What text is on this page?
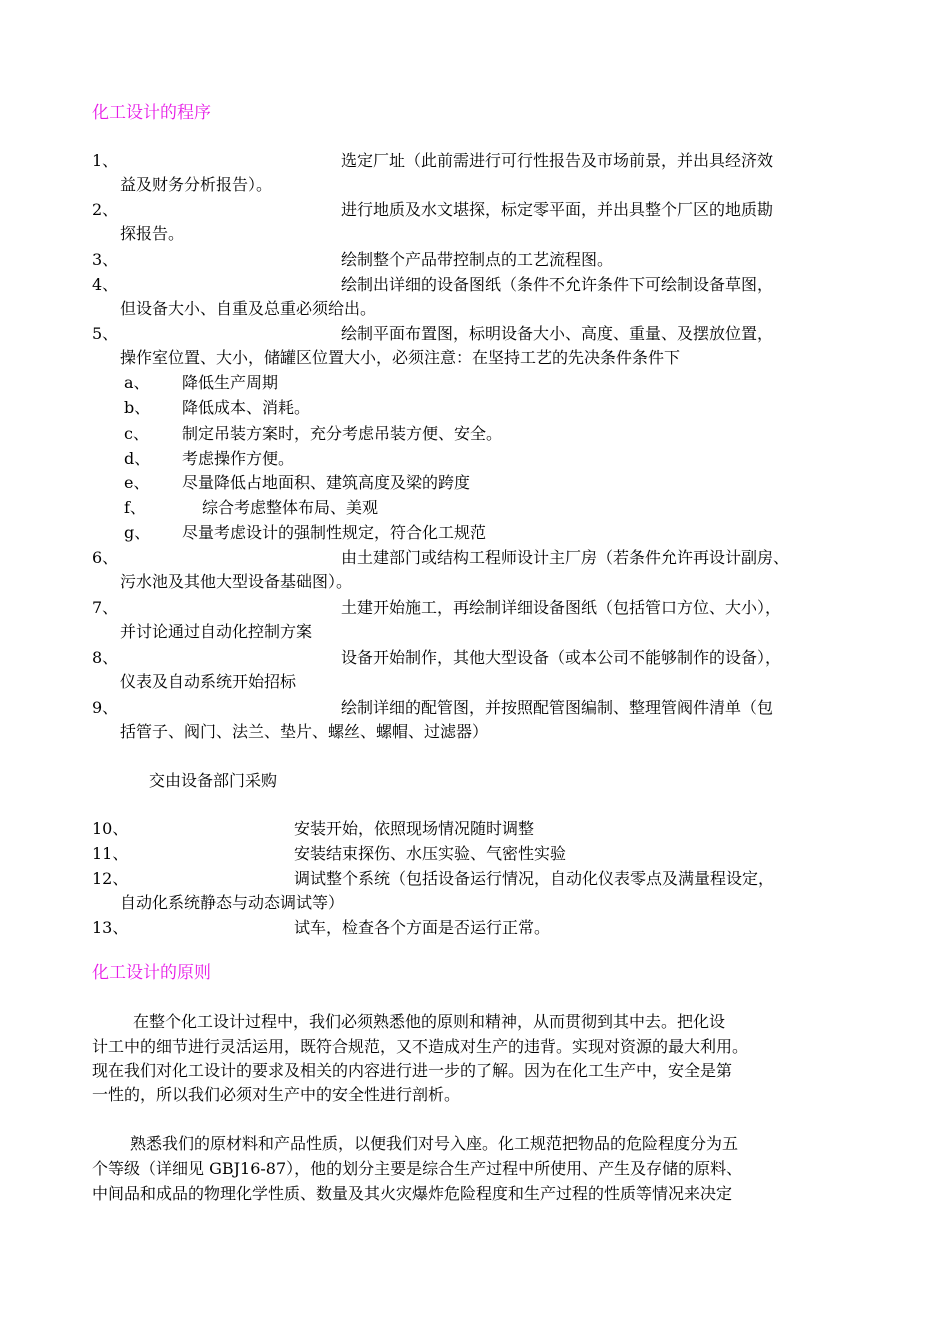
化工设计的程序
1、	选定厂址（此前需进行可行性报告及市场前景，并出具经济效
益及财务分析报告）。
2、	进行地质及水文堪探，标定零平面，并出具整个厂区的地质勘
探报告。
3、	绘制整个产品带控制点的工艺流程图。
4、	绘制出详细的设备图纸（条件不允许条件下可绘制设备草图，
但设备大小、自重及总重必须给出。
5、	绘制平面布置图，标明设备大小、高度、重量、及摆放位置，
操作室位置、大小，储罐区位置大小，必须注意：在坚持工艺的先决条件条件下
a、 降低生产周期
b、 降低成本、消耗。
c、 制定吊装方案时，充分考虑吊装方便、安全。
d、 考虑操作方便。
e、 尽量降低占地面积、建筑高度及梁的跨度
f、	综合考虑整体布局、美观
g、 尽量考虑设计的强制性规定，符合化工规范
6、	由土建部门或结构工程师设计主厂房（若条件允许再设计副房、
污水池及其他大型设备基础图）。
7、	土建开始施工，再绘制详细设备图纸（包括管口方位、大小），
并讨论通过自动化控制方案
8、	设备开始制作，其他大型设备（或本公司不能够制作的设备），
仪表及自动系统开始招标
9、	绘制详细的配管图，并按照配管图编制、整理管阀件清单（包
括管子、阀门、法兰、垫片、螺丝、螺帽、过滤器）
交由设备部门采购
10、	安装开始，依照现场情况随时调整
11、	安装结束探伤、水压实验、气密性实验
12、	调试整个系统（包括设备运行情况，自动化仪表零点及满量程设定，
自动化系统静态与动态调试等）
13、	试车，检查各个方面是否运行正常。
化工设计的原则
在整个化工设计过程中，我们必须熟悉他的原则和精神，从而贯彻到其中去。把化设
计工中的细节进行灵活运用，既符合规范，又不造成对生产的违背。实现对资源的最大利用。
现在我们对化工设计的要求及相关的内容进行进一步的了解。因为在化工生产中，安全是第
一性的，所以我们必须对生产中的安全性进行剖析。
熟悉我们的原材料和产品性质，以便我们对号入座。化工规范把物品的危险程度分为五
个等级（详细见 GBJ16-87），他的划分主要是综合生产过程中所使用、产生及存储的原料、
中间品和成品的物理化学性质、数量及其火灾爆炸危险程度和生产过程的性质等情况来决定
